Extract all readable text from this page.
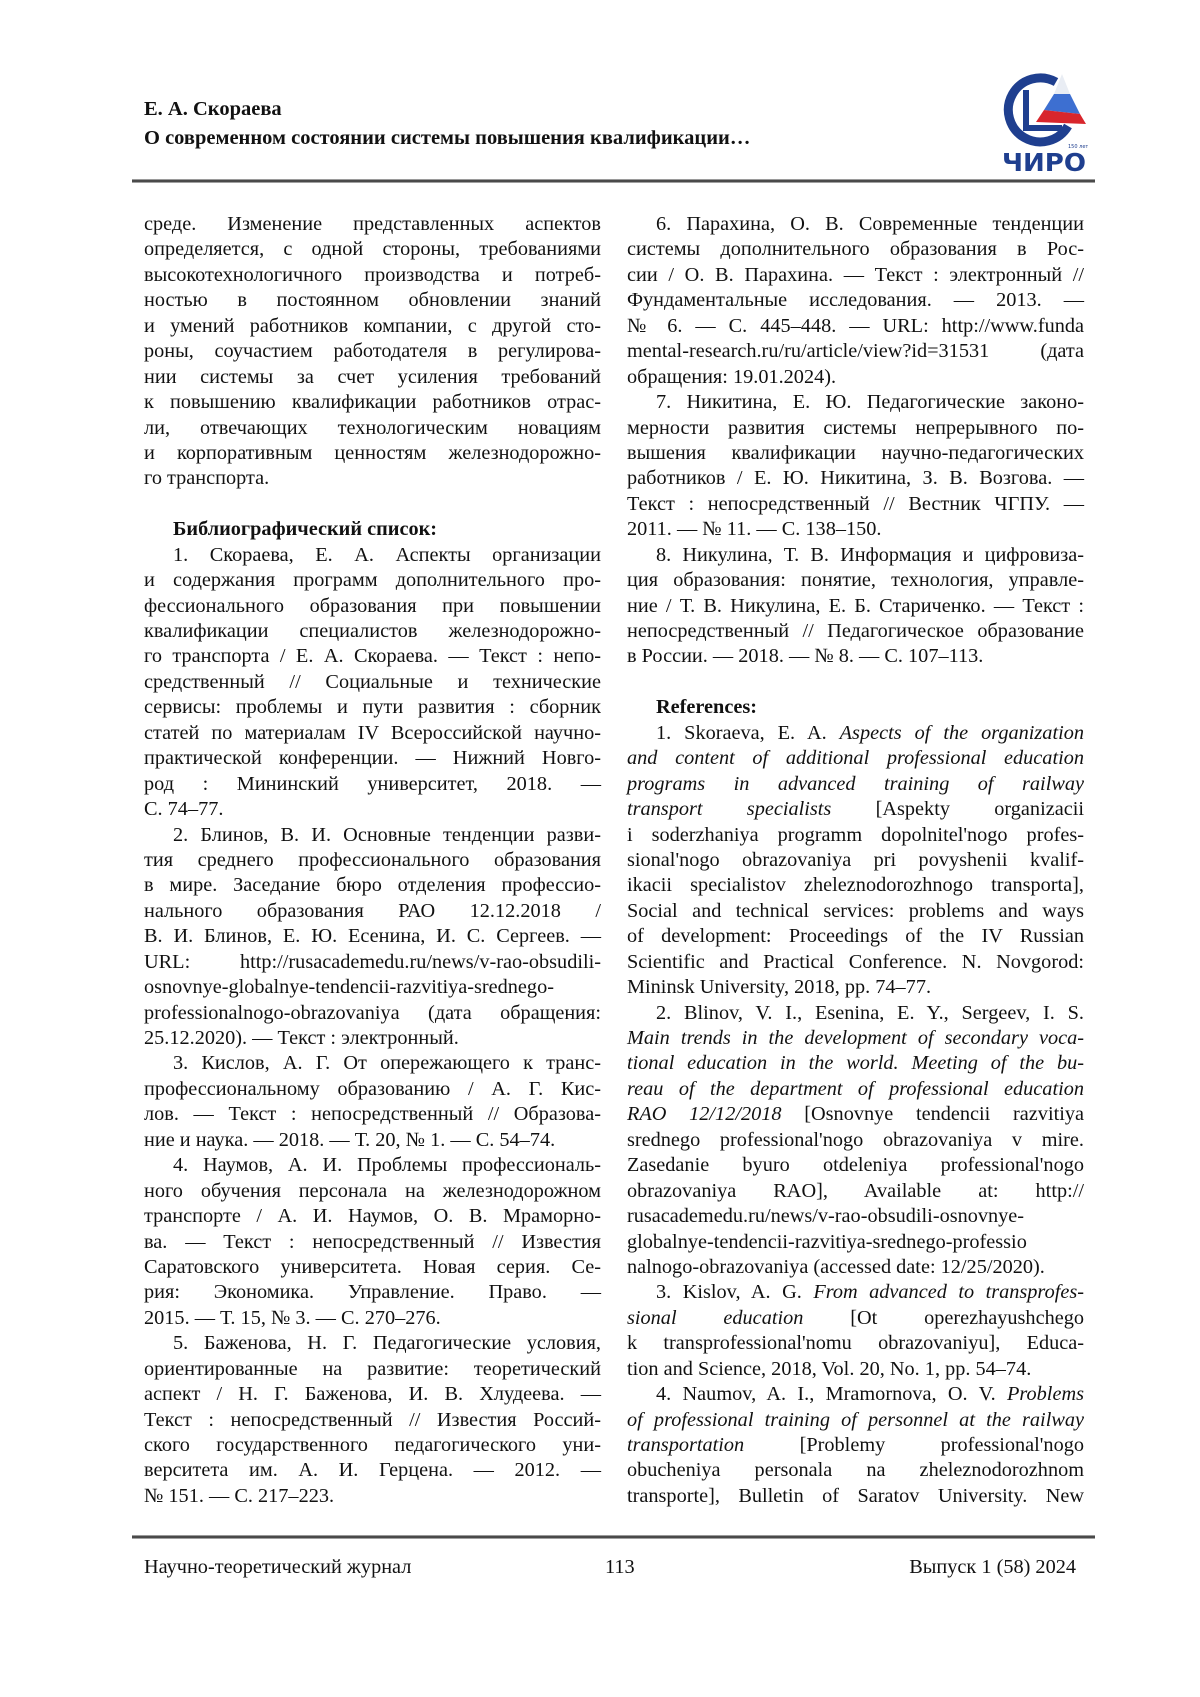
Е. А. Скораева
О современном состоянии системы повышения квалификации…	150 лет
ЧИРО
среде. Изменение представленных аспектов
определяется, с одной стороны, требованиями
высокотехнологичного производства и потреб-
ностью в постоянном обновлении знаний
и умений работников компании, с другой сто-
роны, соучастием работодателя в регулирова-
нии системы за счет усиления требований
к повышению квалификации работников отрас-
ли, отвечающих технологическим новациям
и корпоративным ценностям железнодорожно-
го транспорта.
Библиографический список:
1. Скораева, Е. А. Аспекты организации
и содержания программ дополнительного про-
фессионального образования при повышении
квалификации специалистов железнодорожно-
го транспорта / Е. А. Скораева. — Текст : непо-
средственный // Социальные и технические
сервисы: проблемы и пути развития : сборник
статей по материалам IV Всероссийской научно-
практической конференции. — Нижний Новго-
род : Мининский университет, 2018. —
С. 74–77.
2. Блинов, В. И. Основные тенденции разви-
тия среднего профессионального образования
в мире. Заседание бюро отделения профессио-
нального образования РАО 12.12.2018 /
В. И. Блинов, Е. Ю. Есенина, И. С. Сергеев. —
URL: http://rusacademedu.ru/news/v-rao-obsudili-
osnovnye-globalnye-tendencii-razvitiya-srednego-
professionalnogo-obrazovaniya (дата обращения:
25.12.2020). — Текст : электронный.
3. Кислов, А. Г. От опережающего к транс-
профессиональному образованию / А. Г. Кис-
лов. — Текст : непосредственный // Образова-
ние и наука. — 2018. — Т. 20, № 1. — С. 54–74.
4. Наумов, А. И. Проблемы профессиональ-
ного обучения персонала на железнодорожном
транспорте / А. И. Наумов, О. В. Мраморно-
ва. — Текст : непосредственный // Известия
Саратовского университета. Новая серия. Се-
рия: Экономика. Управление. Право. —
2015. — Т. 15, № 3. — С. 270–276.
5. Баженова, Н. Г. Педагогические условия,
ориентированные на развитие: теоретический
аспект / Н. Г. Баженова, И. В. Хлудеева. —
Текст : непосредственный // Известия Россий-
ского государственного педагогического уни-
верситета им. А. И. Герцена. — 2012. —
№ 151. — С. 217–223.
6. Парахина, О. В. Современные тенденции
системы дополнительного образования в Рос-
сии / О. В. Парахина. — Текст : электронный //
Фундаментальные исследования. — 2013. —
№ 6. — С. 445–448. — URL: http://www.funda
mental-research.ru/ru/article/view?id=31531 (дата
обращения: 19.01.2024).
7. Никитина, Е. Ю. Педагогические законо-
мерности развития системы непрерывного по-
вышения квалификации научно-педагогических
работников / Е. Ю. Никитина, З. В. Возгова. —
Текст : непосредственный // Вестник ЧГПУ. —
2011. — № 11. — С. 138–150.
8. Никулина, Т. В. Информация и цифровиза-
ция образования: понятие, технология, управле-
ние / Т. В. Никулина, Е. Б. Стариченко. — Текст :
непосредственный // Педагогическое образование
в России. — 2018. — № 8. — С. 107–113.
References:
1. Skoraeva, E. A. Aspects of the organization
and content of additional professional education
programs in advanced training of railway
transport specialists [Aspekty organizacii
i soderzhaniya programm dopolnitel'nogo profes-
sional'nogo obrazovaniya pri povyshenii kvalif-
ikacii specialistov zheleznodorozhnogo transporta],
Social and technical services: problems and ways
of development: Proceedings of the IV Russian
Scientific and Practical Conference. N. Novgorod:
Mininsk University, 2018, pp. 74–77.
2. Blinov, V. I., Esenina, E. Y., Sergeev, I. S.
Main trends in the development of secondary voca-
tional education in the world. Meeting of the bu-
reau of the department of professional education
RAO 12/12/2018 [Osnovnye tendencii razvitiya
srednego professional'nogo obrazovaniya v mire.
Zasedanie byuro otdeleniya professional'nogo
obrazovaniya RAO], Available at: http://
rusacademedu.ru/news/v-rao-obsudili-osnovnye-
globalnye-tendencii-razvitiya-srednego-professio
nalnogo-obrazovaniya (accessed date: 12/25/2020).
3. Kislov, A. G. From advanced to transprofes-
sional education [Ot operezhayushchego
k transprofessional'nomu obrazovaniyu], Educa-
tion and Science, 2018, Vol. 20, No. 1, pp. 54–74.
4. Naumov, A. I., Mramornova, O. V. Problems
of professional training of personnel at the railway
transportation [Problemy professional'nogo
obucheniya personala na zheleznodorozhnom
transporte], Bulletin of Saratov University. New
Научно-теоретический журнал	113	Выпуск 1 (58) 2024
